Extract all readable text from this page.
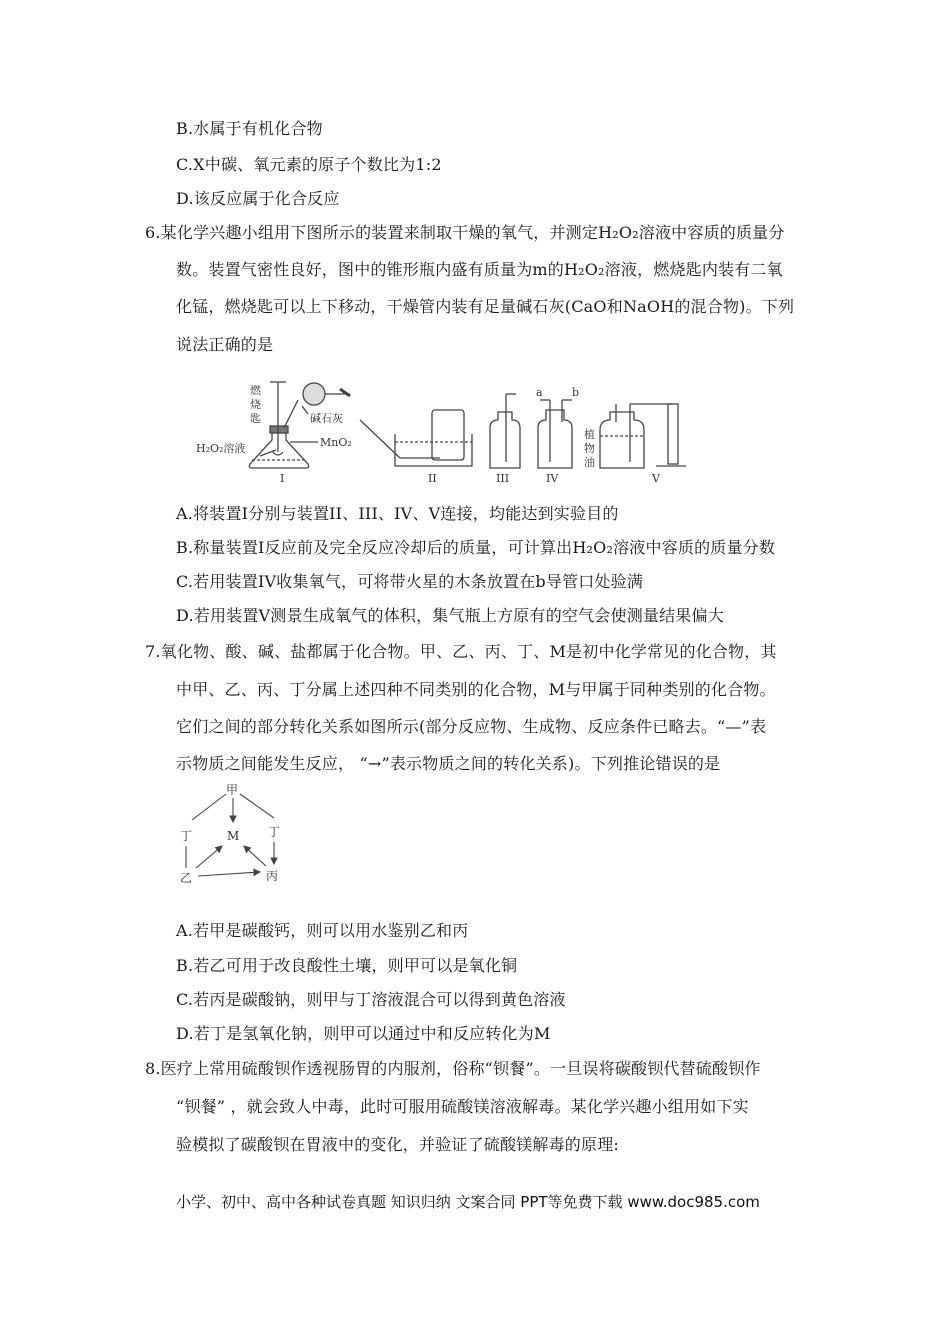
B.水属于有机化合物
C.X中碳、氧元素的原子个数比为1:2
D.该反应属于化合反应
6.某化学兴趣小组用下图所示的装置来制取干燥的氧气，并测定H₂O₂溶液中容质的质量分
数。装置气密性良好，图中的锥形瓶内盛有质量为m的H₂O₂溶液，燃烧匙内装有二氧
化锰，燃烧匙可以上下移动，干燥管内装有足量碱石灰(CaO和NaOH的混合物)。下列
说法正确的是
燃
烧
匙	碱石灰
MnO₂
H₂O₂溶液
I	II	III	IV
a	b
植
物
油
V
A.将装置I分别与装置II、III、IV、V连接，均能达到实验目的
B.称量装置I反应前及完全反应冷却后的质量，可计算出H₂O₂溶液中容质的质量分数
C.若用装置IV收集氧气，可将带火星的木条放置在b导管口处验满
D.若用装置V测景生成氧气的体积，集气瓶上方原有的空气会使测量结果偏大
7.氧化物、酸、碱、盐都属于化合物。甲、乙、丙、丁、M是初中化学常见的化合物，其
中甲、乙、丙、丁分属上述四种不同类别的化合物，M与甲属于同种类别的化合物。
它们之间的部分转化关系如图所示(部分反应物、生成物、反应条件已略去。“—”表
示物质之间能发生反应， “→”表示物质之间的转化关系)。下列推论错误的是
甲
丁	丁
M
乙	丙
A.若甲是碳酸钙，则可以用水鉴别乙和丙
B.若乙可用于改良酸性土壤，则甲可以是氧化铜
C.若丙是碳酸钠，则甲与丁溶液混合可以得到黄色溶液
D.若丁是氢氧化钠，则甲可以通过中和反应转化为M
8.医疗上常用硫酸钡作透视肠胃的内服剂，俗称“钡餐”。一旦误将碳酸钡代替硫酸钡作
“钡餐” ，就会致人中毒，此时可服用硫酸镁溶液解毒。某化学兴趣小组用如下实
验模拟了碳酸钡在胃液中的变化，并验证了硫酸镁解毒的原理:
小学、初中、高中各种试卷真题 知识归纳 文案合同 PPT等免费下载 www.doc985.com
